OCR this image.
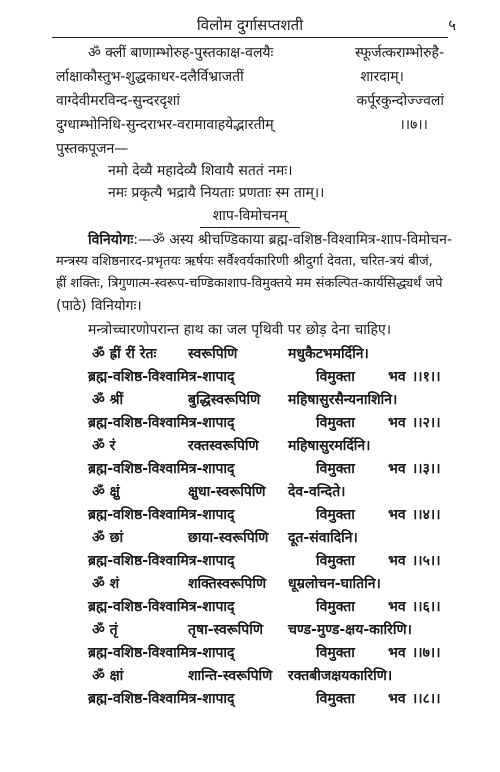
विलोम दुर्गासप्तशती	५
ॐ क्लीं बाणाम्भोरुह-पुस्तकाक्ष-वलयैः	स्फूर्जत्कराम्भोरुहै-
र्लाक्षाकौस्तुभ-शुद्धकाधर-दलैर्विभ्राजतीं	शारदाम्।
वाग्देवीमरविन्द-सुन्दरदृशां	कर्पूरकुन्दोज्ज्वलां
दुग्धाम्भोनिधि-सुन्दराभर-वरामावाहयेद्भारतीम्	।।७।।
पुस्तकपूजन—
नमो देव्यै महादेव्यै शिवायै सततं नमः।
नमः प्रकृत्यै भद्रायै नियताः प्रणताः स्म ताम्।।
शाप-विमोचनम्
विनियोगः:—ॐ अस्य श्रीचण्डिकाया ब्रह्म-वशिष्ठ-विश्वामित्र-शाप-विमोचन-
मन्त्रस्य वशिष्ठनारद-प्रभृतयः ऋर्षयः सर्वैश्वर्यकारिणी श्रीदुर्गा देवता, चरित-त्रयं बीजं,
ह्रीं शक्तिः, त्रिगुणात्म-स्वरूप-चण्डिकाशाप-विमुक्तये मम संकल्पित-कार्यसिद्ध्यर्थं जपे
(पाठे) विनियोगः।
मन्त्रोच्चारणोपरान्त हाथ का जल पृथिवी पर छोड़ देना चाहिए।
ॐ ह्रीं रीं रेतः स्वरूपिणि	मधुकैटभमर्दिनि।
ब्रह्म-वशिष्ठ-विश्वामित्र-शापाद्	विमुक्ता भव ।।१।।
ॐ श्रीं	बुद्धिस्वरूपिणि महिषासुरसैन्यनाशिनि।
ब्रह्म-वशिष्ठ-विश्वामित्र-शापाद्	विमुक्ता भव ।।२।।
ॐ रं	रक्तस्वरूपिणि महिषासुरमर्दिनि।
ब्रह्म-वशिष्ठ-विश्वामित्र-शापाद्	विमुक्ता भव ।।३।।
ॐ क्षुं	क्षुधा-स्वरूपिणि देव-वन्दिते।
ब्रह्म-वशिष्ठ-विश्वामित्र-शापाद्	विमुक्ता भव ।।४।।
ॐ छां	छाया-स्वरूपिणि दूत-संवादिनि।
ब्रह्म-वशिष्ठ-विश्वामित्र-शापाद्	विमुक्ता भव ।।५।।
ॐ शं	शक्तिस्वरूपिणि धूम्रलोचन-घातिनि।
ब्रह्म-वशिष्ठ-विश्वामित्र-शापाद्	विमुक्ता भव ।।६।।
ॐ तृं	तृषा-स्वरूपिणि चण्ड-मुण्ड-क्षय-कारिणि।
ब्रह्म-वशिष्ठ-विश्वामित्र-शापाद्	विमुक्ता भव ।।७।।
ॐ क्षां	शान्ति-स्वरूपिणि रक्तबीजक्षयकारिणि।
ब्रह्म-वशिष्ठ-विश्वामित्र-शापाद्	विमुक्ता भव ।।८।।
